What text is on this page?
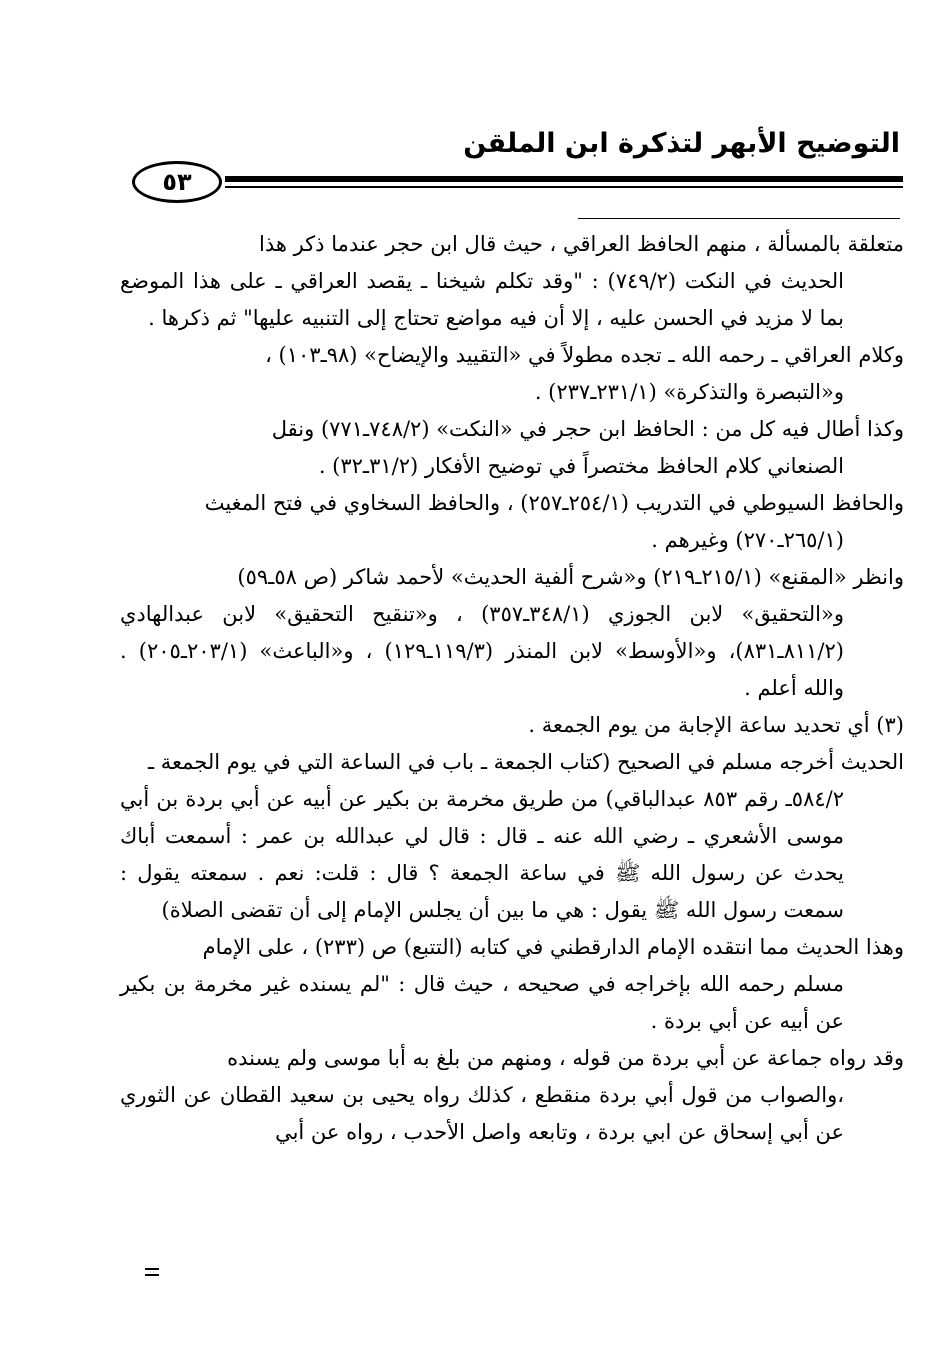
التوضيح الأبهر لتذكرة ابن الملقن
٥٣

متعلقة بالمسألة ، منهم الحافظ العراقي ، حيث قال ابن حجر عندما ذكر هذا
الحديث في النكت (٧٤٩/٢) : "وقد تكلم شيخنا ـ يقصد العراقي ـ على هذا الموضع بما لا مزيد في الحسن عليه ، إلا أن فيه مواضع تحتاج إلى التنبيه عليها" ثم ذكرها .

وكلام العراقي ـ رحمه الله ـ تجده مطولاً في «التقييد والإيضاح» (٩٨ـ١٠٣) ،
و«التبصرة والتذكرة» (٢٣١/١ـ٢٣٧) .

وكذا أطال فيه كل من : الحافظ ابن حجر في «النكت» (٧٤٨/٢ـ٧٧١) ونقل
الصنعاني كلام الحافظ مختصراً في توضيح الأفكار (٣١/٢ـ٣٢) .

والحافظ السيوطي في التدريب (٢٥٤/١ـ٢٥٧) ، والحافظ السخاوي في فتح المغيث
(٢٦٥/١ـ٢٧٠) وغيرهم .

وانظر «المقنع» (٢١٥/١ـ٢١٩) و«شرح ألفية الحديث» لأحمد شاكر (ص ٥٨ـ٥٩)
و«التحقيق» لابن الجوزي (٣٤٨/١ـ٣٥٧) ، و«تنقيح التحقيق» لابن عبدالهادي (٨١١/٢ـ٨٣١)، و«الأوسط» لابن المنذر (١١٩/٣ـ١٢٩) ، و«الباعث» (٢٠٣/١ـ٢٠٥) . والله أعلم .

(٣) أي تحديد ساعة الإجابة من يوم الجمعة .

الحديث أخرجه مسلم في الصحيح (كتاب الجمعة ـ باب في الساعة التي في يوم الجمعة ـ
٥٨٤/٢ـ رقم ٨٥٣ عبدالباقي) من طريق مخرمة بن بكير عن أبيه عن أبي بردة بن أبي موسى الأشعري ـ رضي الله عنه ـ قال : قال لي عبدالله بن عمر : أسمعت أباك يحدث عن رسول الله ﷺ في ساعة الجمعة ؟ قال : قلت: نعم . سمعته يقول : سمعت رسول الله ﷺ يقول : هي ما بين أن يجلس الإمام إلى أن تقضى الصلاة)

وهذا الحديث مما انتقده الإمام الدارقطني في كتابه (التتبع) ص (٢٣٣) ، على الإمام
مسلم رحمه الله بإخراجه في صحيحه ، حيث قال : "لم يسنده غير مخرمة بن بكير عن أبيه عن أبي بردة .

وقد رواه جماعة عن أبي بردة من قوله ، ومنهم من بلغ به أبا موسى ولم يسنده
،والصواب من قول أبي بردة منقطع ، كذلك رواه يحيى بن سعيد القطان عن الثوري عن أبي إسحاق عن ابي بردة ، وتابعه واصل الأحدب ، رواه عن أبي
